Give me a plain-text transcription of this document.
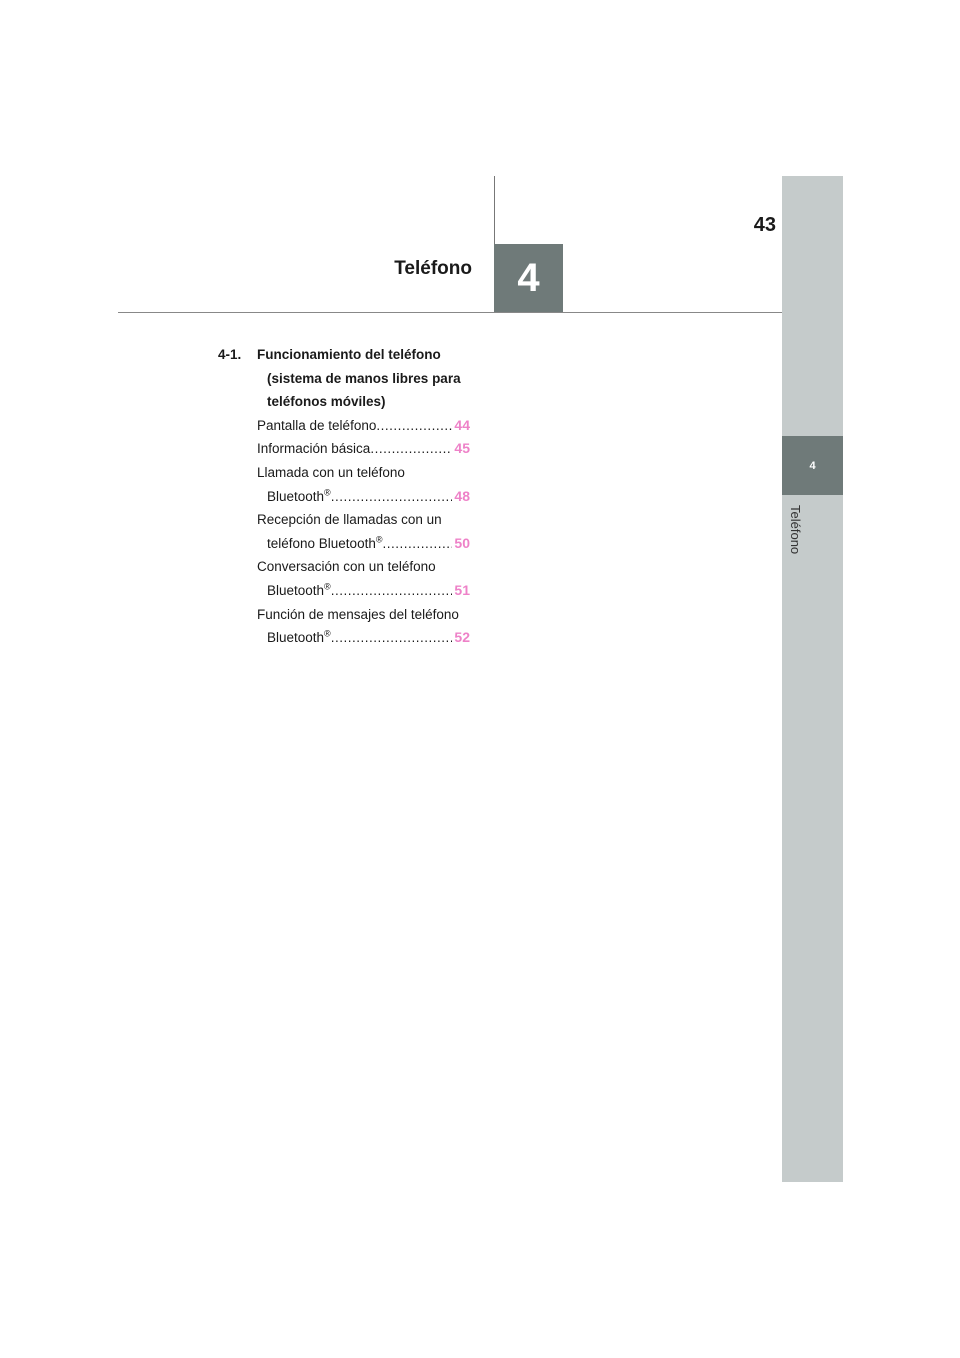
4
Teléfono
4
43
Teléfono
4-1.	Funcionamiento del teléfono
(sistema de manos libres para
teléfonos móviles)
Pantalla de teléfono .....	44
Información básica .....	45
Llamada con un teléfono
Bluetooth® .....	48
Recepción de llamadas con un
teléfono Bluetooth® .....	50
Conversación con un teléfono
Bluetooth® .....	51
Función de mensajes del teléfono
Bluetooth® .....	52
